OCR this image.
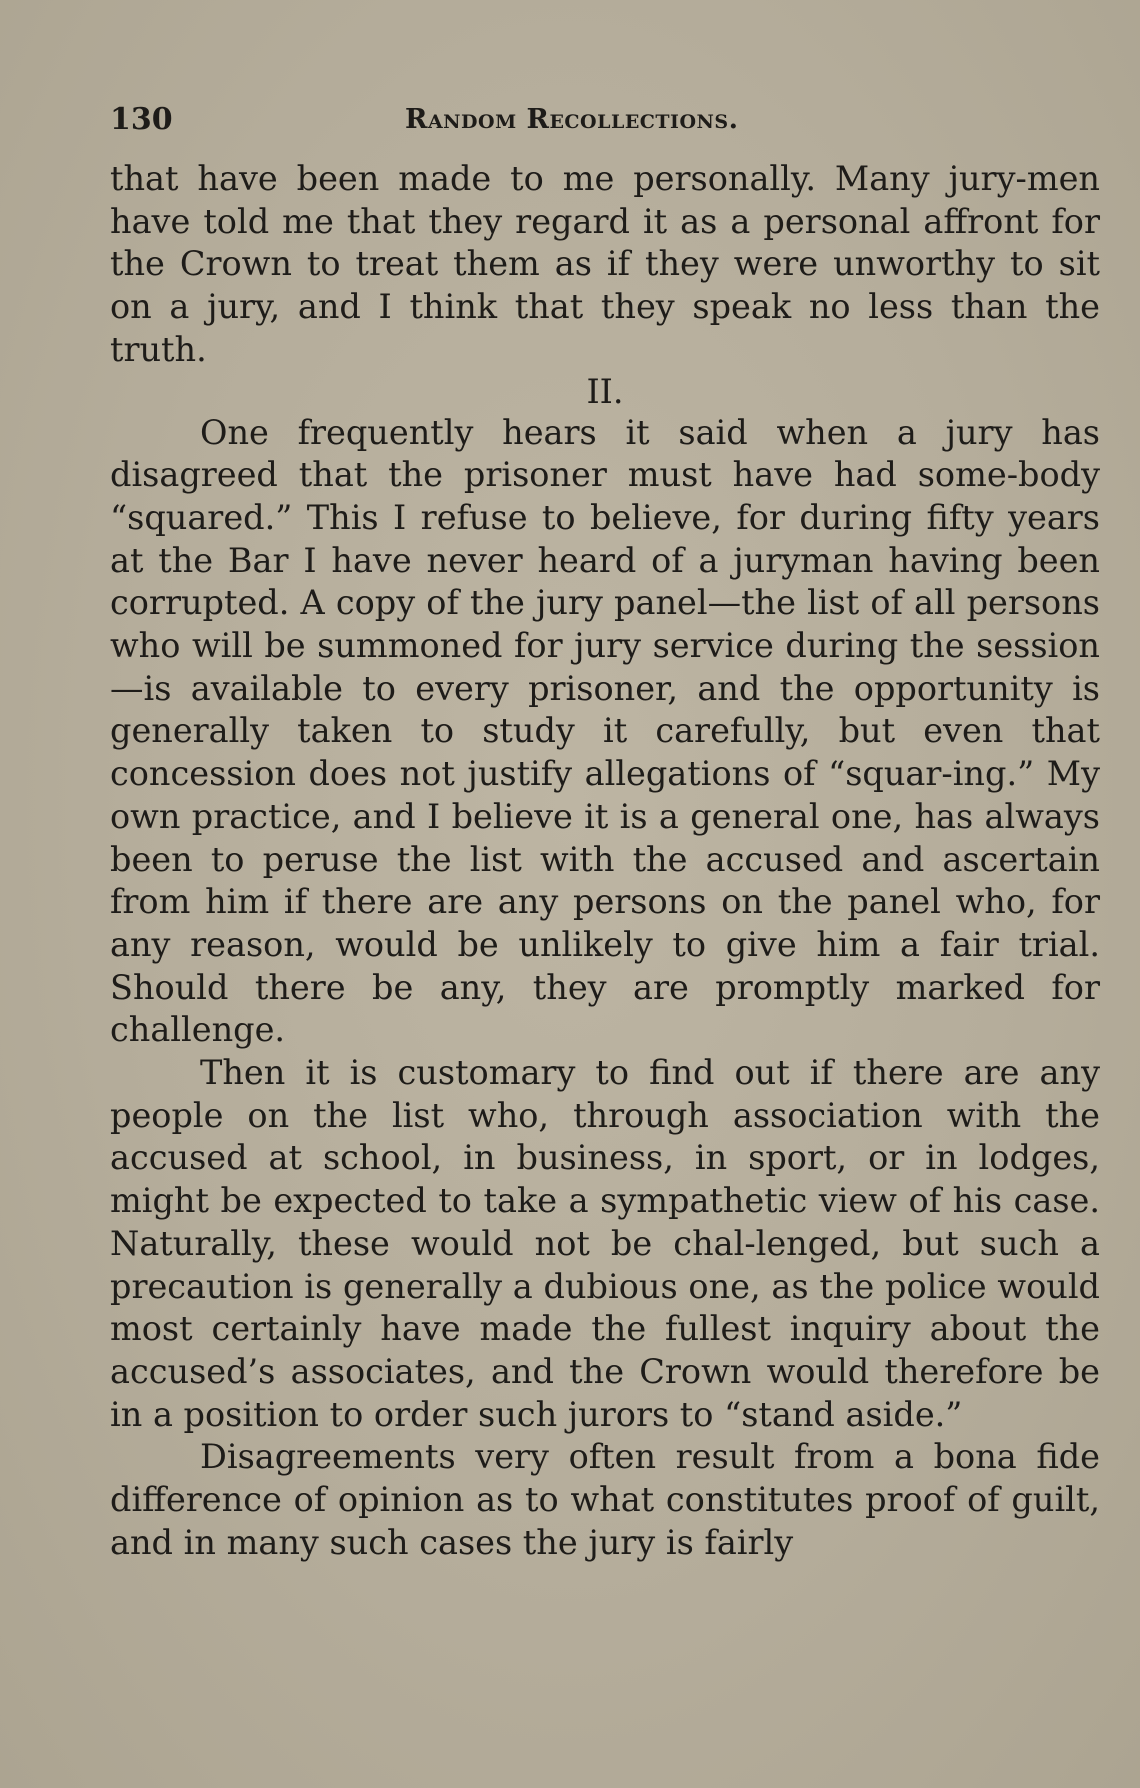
130	Random Recollections.

that have been made to me personally. Many jury-men have told me that they regard it as a personal affront for the Crown to treat them as if they were unworthy to sit on a jury, and I think that they speak no less than the truth.

II.

One frequently hears it said when a jury has disagreed that the prisoner must have had some-body “squared.” This I refuse to believe, for during fifty years at the Bar I have never heard of a juryman having been corrupted. A copy of the jury panel—the list of all persons who will be summoned for jury service during the session—is available to every prisoner, and the opportunity is generally taken to study it carefully, but even that concession does not justify allegations of “squar-ing.” My own practice, and I believe it is a general one, has always been to peruse the list with the accused and ascertain from him if there are any persons on the panel who, for any reason, would be unlikely to give him a fair trial. Should there be any, they are promptly marked for challenge.

Then it is customary to find out if there are any people on the list who, through association with the accused at school, in business, in sport, or in lodges, might be expected to take a sympathetic view of his case. Naturally, these would not be chal-lenged, but such a precaution is generally a dubious one, as the police would most certainly have made the fullest inquiry about the accused’s associates, and the Crown would therefore be in a position to order such jurors to “stand aside.”

Disagreements very often result from a bona fide difference of opinion as to what constitutes proof of guilt, and in many such cases the jury is fairly
